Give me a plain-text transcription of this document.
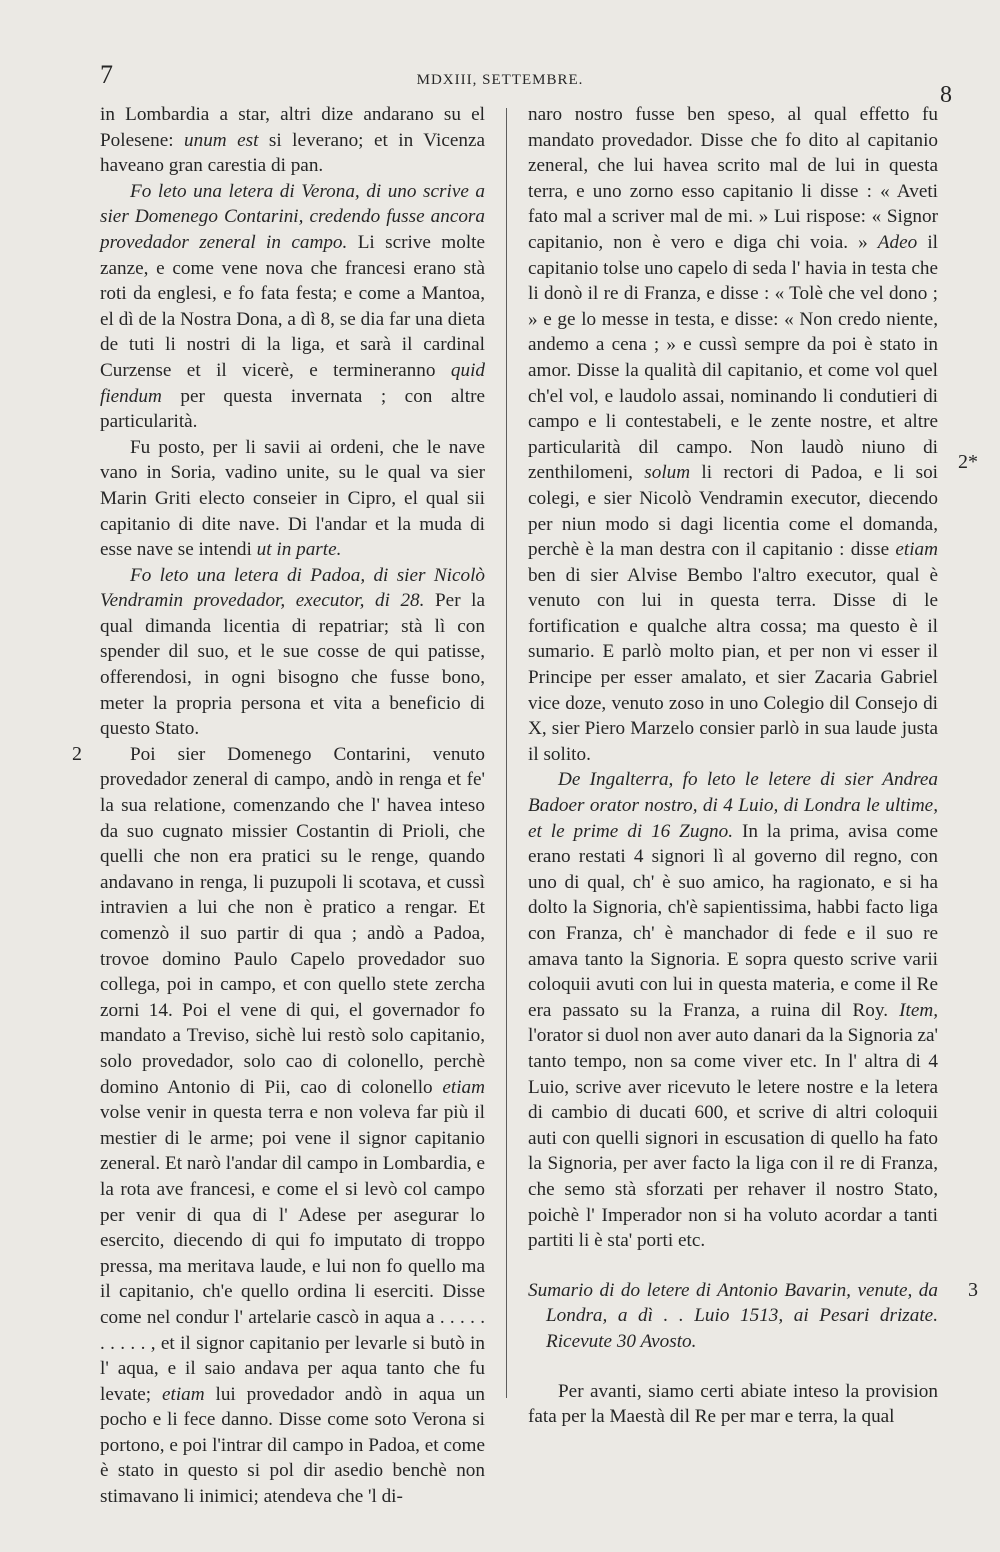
7	MDXIII, SETTEMBRE.
8

in Lombardia a star, altri dize andarano su el Polesene: unum est si leverano; et in Vicenza haveano gran carestia di pan.

Fo leto una letera di Verona, di uno scrive a sier Domenego Contarini, credendo fusse ancora provedador zeneral in campo. Li scrive molte zanze, e come vene nova che francesi erano stà roti da englesi, e fo fata festa; e come a Mantoa, el dì de la Nostra Dona, a dì 8, se dia far una dieta de tuti li nostri di la liga, et sarà il cardinal Curzense et il vicerè, e termineranno quid fiendum per questa invernata ; con altre particularità.

Fu posto, per li savii ai ordeni, che le nave vano in Soria, vadino unite, su le qual va sier Marin Griti electo conseier in Cipro, el qual sii capitanio di dite nave. Di l'andar et la muda di esse nave se intendi ut in parte.

Fo leto una letera di Padoa, di sier Nicolò Vendramin provedador, executor, di 28. Per la qual dimanda licentia di repatriar; stà lì con spender dil suo, et le sue cosse de qui patisse, offerendosi, in ogni bisogno che fusse bono, meter la propria persona et vita a beneficio di questo Stato.

2	Poi sier Domenego Contarini, venuto provedador zeneral di campo, andò in renga et fe' la sua relatione, comenzando che l' havea inteso da suo cugnato missier Costantin di Prioli, che quelli che non era pratici su le renge, quando andavano in renga, li puzupoli li scotava, et cussì intravien a lui che non è pratico a rengar. Et comenzò il suo partir di qua ; andò a Padoa, trovoe domino Paulo Capelo provedador suo collega, poi in campo, et con quello stete zercha zorni 14. Poi el vene di qui, el governador fo mandato a Treviso, sichè lui restò solo capitanio, solo provedador, solo cao di colonello, perchè domino Antonio di Pii, cao di colonello etiam volse venir in questa terra e non voleva far più il mestier di le arme; poi vene il signor capitanio zeneral. Et narò l'andar dil campo in Lombardia, e la rota ave francesi, e come el si levò col campo per venir di qua di l' Adese per asegurar lo esercito, diecendo di qui fo imputato di troppo pressa, ma meritava laude, e lui non fo quello ma il capitanio, ch'e quello ordina li eserciti. Disse come nel condur l' artelarie cascò in aqua a . . . . . . . . . . , et il signor capitanio per levarle si butò in l' aqua, e il saio andava per aqua tanto che fu levate; etiam lui provedador andò in aqua un pocho e li fece danno. Disse come soto Verona si portono, e poi l'intrar dil campo in Padoa, et come è stato in questo si pol dir asedio benchè non stimavano li inimici; atendeva che 'l di-

naro nostro fusse ben speso, al qual effetto fu mandato provedador. Disse che fo dito al capitanio zeneral, che lui havea scrito mal de lui in questa terra, e uno zorno esso capitanio li disse : « Aveti fato mal a scriver mal de mi. » Lui rispose: « Signor capitanio, non è vero e diga chi voia. » Adeo il capitanio tolse uno capelo di seda l' havia in testa che li donò il re di Franza, e disse : « Tolè che vel dono ; » e ge lo messe in testa, e disse: « Non credo niente, andemo a cena ; » e cussì sempre da poi è stato in amor. Disse la qualità dil capitanio, et come vol quel ch'el vol, e laudolo assai, nominando li condutieri di campo e li contestabeli, e le zente nostre, et altre particularità dil campo. Non laudò niuno di zenthilomeni, solum li rectori di Padoa, e li soi colegi, e sier Nicolò Vendramin executor, diecendo per niun modo si dagi licentia come el domanda, perchè è la man destra con il capitanio : disse etiam ben di sier Alvise Bembo l'altro executor, qual è venuto con lui in questa terra. Disse di le fortification e qualche altra cossa; ma questo è il sumario. E parlò molto pian, et per non vi esser il Principe per esser amalato, et sier Zacaria Gabriel vice doze, venuto zoso in uno Colegio dil Consejo di X, sier Piero Marzelo consier parlò in sua laude justa il solito.
2*

De Ingalterra, fo leto le letere di sier Andrea Badoer orator nostro, di 4 Luio, di Londra le ultime, et le prime di 16 Zugno. In la prima, avisa come erano restati 4 signori lì al governo dil regno, con uno di qual, ch' è suo amico, ha ragionato, e si ha dolto la Signoria, ch'è sapientissima, habbi facto liga con Franza, ch' è manchador di fede e il suo re amava tanto la Signoria. E sopra questo scrive varii coloquii avuti con lui in questa materia, e come il Re era passato su la Franza, a ruina dil Roy. Item, l'orator si duol non aver auto danari da la Signoria za' tanto tempo, non sa come viver etc. In l' altra di 4 Luio, scrive aver ricevuto le letere nostre e la letera di cambio di ducati 600, et scrive di altri coloquii auti con quelli signori in escusation di quello ha fato la Signoria, per aver facto la liga con il re di Franza, che semo stà sforzati per rehaver il nostro Stato, poichè l' Imperador non si ha voluto acordar a tanti partiti li è sta' porti etc.

Sumario di do letere di Antonio Bavarin, venute, da Londra, a dì . . Luio 1513, ai Pesari drizate. Ricevute 30 Avosto.
3

Per avanti, siamo certi abiate inteso la provision fata per la Maestà dil Re per mar e terra, la qual
